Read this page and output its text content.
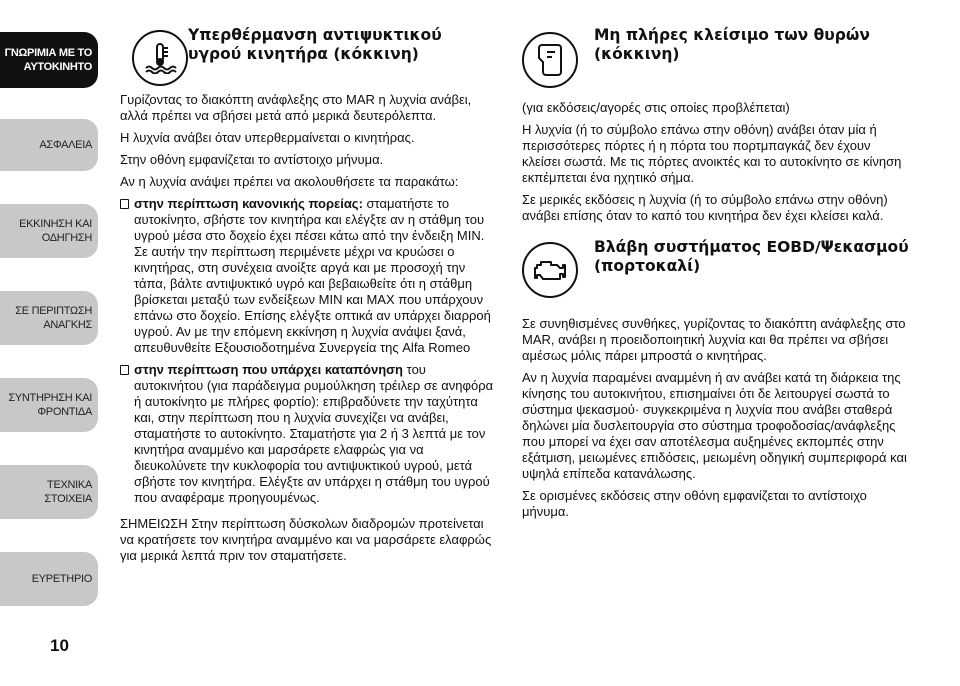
ΓΝΩΡΙΜΙΑ ΜΕ ΤΟ
ΑΥΤΟΚΙΝΗΤΟ
ΑΣΦΑΛΕΙΑ
ΕΚΚΙΝΗΣΗ ΚΑΙ
ΟΔΗΓΗΣΗ
ΣΕ ΠΕΡΙΠΤΩΣΗ
ΑΝΑΓΚΗΣ
ΣΥΝΤΗΡΗΣΗ ΚΑΙ
ΦΡΟΝΤΙΔΑ
ΤΕΧΝΙΚΑ ΣΤΟΙΧΕΙΑ
ΕΥΡΕΤΗΡΙΟ
10
Υπερθέρμανση αντιψυκτικού υγρού κινητήρα (κόκκινη)

Γυρίζοντας το διακόπτη ανάφλεξης στο MAR η λυχνία ανάβει, αλλά πρέπει να σβήσει μετά από μερικά δευτερόλεπτα.

Η λυχνία ανάβει όταν υπερθερμαίνεται ο κινητήρας.

Στην οθόνη εμφανίζεται το αντίστοιχο μήνυμα.

Αν η λυχνία ανάψει πρέπει να ακολουθήσετε τα παρακάτω:

στην περίπτωση κανονικής πορείας: σταματήστε το αυτοκίνητο, σβήστε τον κινητήρα και ελέγξτε αν η στάθμη του υγρού μέσα στο δοχείο έχει πέσει κάτω από την ένδειξη MIN. Σε αυτήν την περίπτωση περιμένετε μέχρι να κρυώσει ο κινητήρας, στη συνέχεια ανοίξτε αργά και με προσοχή την τάπα, βάλτε αντιψυκτικό υγρό και βεβαιωθείτε ότι η στάθμη βρίσκεται μεταξύ των ενδείξεων MIN και MAX που υπάρχουν επάνω στο δοχείο. Επίσης ελέγξτε οπτικά αν υπάρχει διαρροή υγρού. Αν με την επόμενη εκκίνηση η λυχνία ανάψει ξανά, απευθυνθείτε Εξουσιοδοτημένα Συνεργεία της Alfa Romeo
στην περίπτωση που υπάρχει καταπόνηση του αυτοκινήτου (για παράδειγμα ρυμούλκηση τρέιλερ σε ανηφόρα ή αυτοκίνητο με πλήρες φορτίο): επιβραδύνετε την ταχύτητα και, στην περίπτωση που η λυχνία συνεχίζει να ανάβει, σταματήστε το αυτοκίνητο. Σταματήστε για 2 ή 3 λεπτά με τον κινητήρα αναμμένο και μαρσάρετε ελαφρώς για να διευκολύνετε την κυκλοφορία του αντιψυκτικού υγρού, μετά σβήστε τον κινητήρα. Ελέγξτε αν υπάρχει η στάθμη του υγρού που αναφέραμε προηγουμένως.

ΣΗΜΕΙΩΣΗ Στην περίπτωση δύσκολων διαδρομών προτείνεται να κρατήσετε τον κινητήρα αναμμένο και να μαρσάρετε ελαφρώς για μερικά λεπτά πριν τον σταματήσετε.

Μη πλήρες κλείσιμο των θυρών (κόκκινη)

(για εκδόσεις/αγορές στις οποίες προβλέπεται)

Η λυχνία (ή το σύμβολο επάνω στην οθόνη) ανάβει όταν μία ή περισσότερες πόρτες ή η πόρτα του πορτμπαγκάζ δεν έχουν κλείσει σωστά. Με τις πόρτες ανοικτές και το αυτοκίνητο σε κίνηση εκπέμπεται ένα ηχητικό σήμα.

Σε μερικές εκδόσεις η λυχνία (ή το σύμβολο επάνω στην οθόνη) ανάβει επίσης όταν το καπό του κινητήρα δεν έχει κλείσει καλά.

Βλάβη συστήματος EOBD/Ψεκασμού (πορτοκαλί)

Σε συνηθισμένες συνθήκες, γυρίζοντας το διακόπτη ανάφλεξης στο MAR, ανάβει η προειδοποιητική λυχνία και θα πρέπει να σβήσει αμέσως μόλις πάρει μπροστά ο κινητήρας.

Αν η λυχνία παραμένει αναμμένη ή αν ανάβει κατά τη διάρκεια της κίνησης του αυτοκινήτου, επισημαίνει ότι δε λειτουργεί σωστά το σύστημα ψεκασμού· συγκεκριμένα η λυχνία που ανάβει σταθερά δηλώνει μία δυσλειτουργία στο σύστημα τροφοδοσίας/ανάφλεξης που μπορεί να έχει σαν αποτέλεσμα αυξημένες εκπομπές στην εξάτμιση, μειωμένες επιδόσεις, μειωμένη οδηγική συμπεριφορά και υψηλά επίπεδα κατανάλωσης.

Σε ορισμένες εκδόσεις στην οθόνη εμφανίζεται το αντίστοιχο μήνυμα.
